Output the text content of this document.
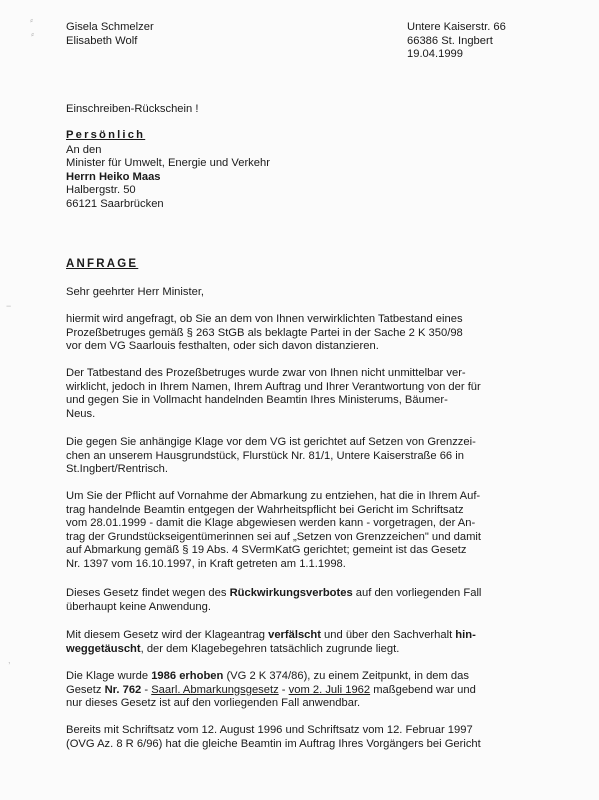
⸗
⸗
−
,
Gisela Schmelzer
Elisabeth Wolf
Untere Kaiserstr. 66
66386 St. Ingbert
19.04.1999
Einschreiben-Rückschein !
Persönlich
An den
Minister für Umwelt, Energie und Verkehr
Herrn Heiko Maas
Halbergstr. 50
66121 Saarbrücken
ANFRAGE
Sehr geehrter Herr Minister,
hiermit wird angefragt, ob Sie an dem von Ihnen verwirklichten Tatbestand eines
Prozeßbetruges gemäß § 263 StGB als beklagte Partei in der Sache 2 K 350/98
vor dem VG Saarlouis festhalten, oder sich davon distanzieren.
Der Tatbestand des Prozeßbetruges wurde zwar von Ihnen nicht unmittelbar ver-
wirklicht, jedoch in Ihrem Namen, Ihrem Auftrag und Ihrer Verantwortung von der für
und gegen Sie in Vollmacht handelnden Beamtin Ihres Ministerums, Bäumer-
Neus.
Die gegen Sie anhängige Klage vor dem VG ist gerichtet auf Setzen von Grenzzei-
chen an unserem Hausgrundstück, Flurstück Nr. 81/1, Untere Kaiserstraße 66 in
St.Ingbert/Rentrisch.
Um Sie der Pflicht auf Vornahme der Abmarkung zu entziehen, hat die in Ihrem Auf-
trag handelnde Beamtin entgegen der Wahrheitspflicht bei Gericht im Schriftsatz
vom 28.01.1999 - damit die Klage abgewiesen werden kann - vorgetragen, der An-
trag der Grundstückseigentümerinnen sei auf „Setzen von Grenzzeichen" und damit
auf Abmarkung gemäß § 19 Abs. 4 SVermKatG gerichtet; gemeint ist das Gesetz
Nr. 1397 vom 16.10.1997, in Kraft getreten am 1.1.1998.
Dieses Gesetz findet wegen des Rückwirkungsverbotes auf den vorliegenden Fall
überhaupt keine Anwendung.
Mit diesem Gesetz wird der Klageantrag verfälscht und über den Sachverhalt hin-
weggetäuscht, der dem Klagebegehren tatsächlich zugrunde liegt.
Die Klage wurde 1986 erhoben (VG 2 K 374/86), zu einem Zeitpunkt, in dem das
Gesetz Nr. 762 - Saarl. Abmarkungsgesetz - vom 2. Juli 1962 maßgebend war und
nur dieses Gesetz ist auf den vorliegenden Fall anwendbar.
Bereits mit Schriftsatz vom 12. August 1996 und Schriftsatz vom 12. Februar 1997
(OVG Az. 8 R 6/96) hat die gleiche Beamtin im Auftrag Ihres Vorgängers bei Gericht
